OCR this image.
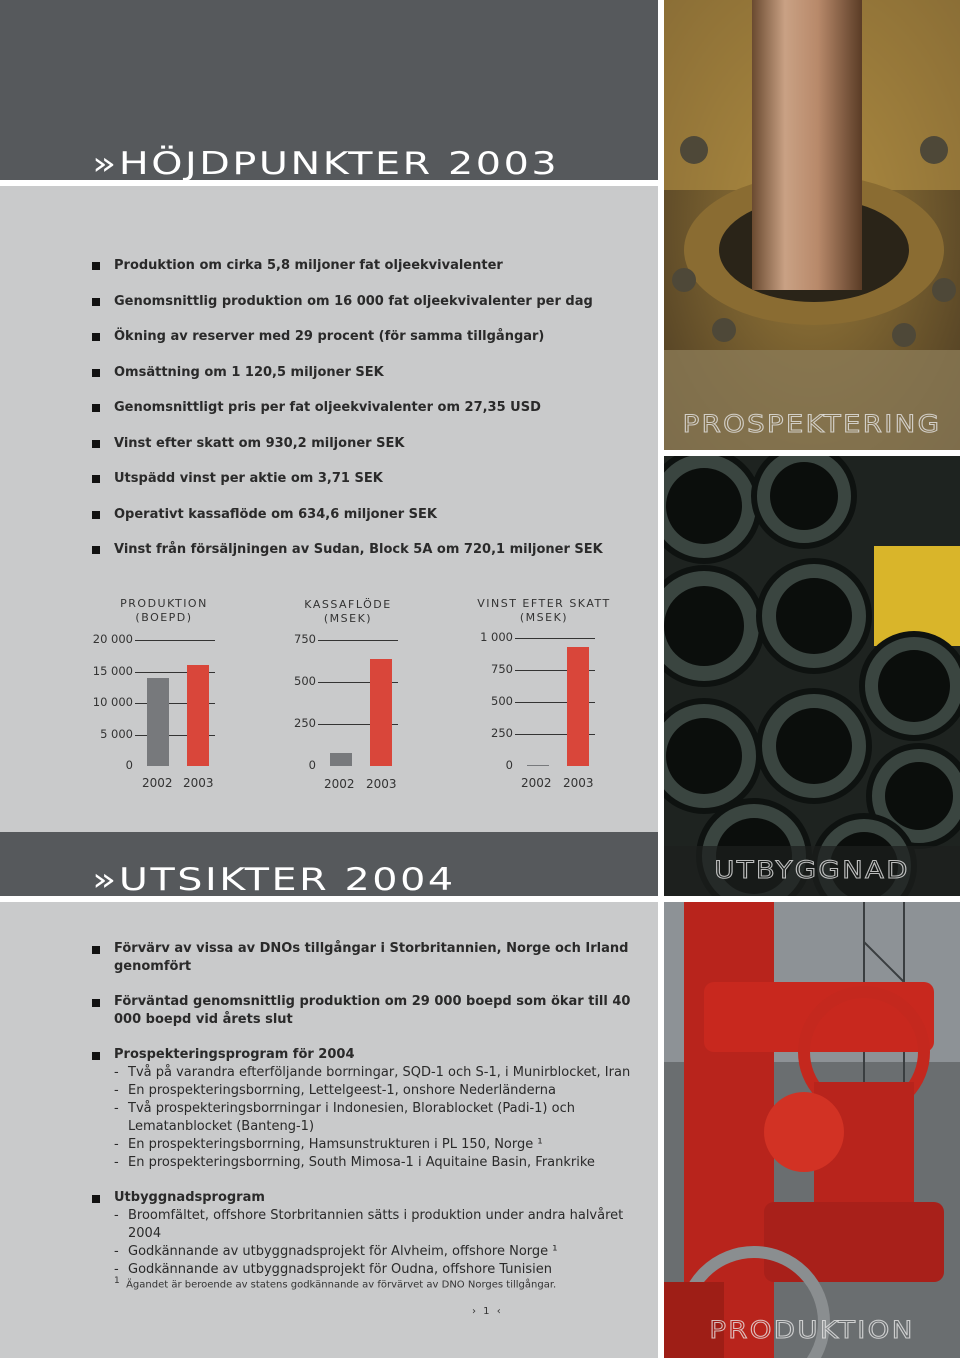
»HÖJDPUNKTER 2003
Produktion om cirka 5,8 miljoner fat oljeekvivalenter
Genomsnittlig produktion om 16 000 fat oljeekvivalenter per dag
Ökning av reserver med 29 procent (för samma tillgångar)
Omsättning om 1 120,5 miljoner SEK
Genomsnittligt pris per fat oljeekvivalenter om 27,35 USD
Vinst efter skatt om 930,2 miljoner SEK
Utspädd vinst per aktie om 3,71 SEK
Operativt kassaflöde om 634,6 miljoner SEK
Vinst från försäljningen av Sudan, Block 5A om 720,1 miljoner SEK
PRODUKTION
(BOEPD)
20 000
15 000
10 000
5 000
0
2002 2003
KASSAFLÖDE
(MSEK)
750
500
250
0
2002 2003
VINST EFTER SKATT
(MSEK)
1 000
750
500
250
0
2002 2003
»UTSIKTER 2004
Förvärv av vissa av DNOs tillgångar i Storbritannien, Norge och Irland genomfört
Förväntad genomsnittlig produktion om 29 000 boepd som ökar till 40 000 boepd vid årets slut
Prospekteringsprogram för 2004
- Två på varandra efterföljande borrningar, SQD-1 och S-1, i Munirblocket, Iran
- En prospekteringsborrning, Lettelgeest-1, onshore Nederländerna
- Två prospekteringsborrningar i Indonesien, Blorablocket (Padi-1) och Lematanblocket (Banteng-1)
- En prospekteringsborrning, Hamsunstrukturen i PL 150, Norge ¹
- En prospekteringsborrning, South Mimosa-1 i Aquitaine Basin, Frankrike
Utbyggnadsprogram
- Broomfältet, offshore Storbritannien sätts i produktion under andra halvåret 2004
- Godkännande av utbyggnadsprojekt för Alvheim, offshore Norge ¹
- Godkännande av utbyggnadsprojekt för Oudna, offshore Tunisien
$^1$ Ägandet är beroende av statens godkännande av förvärvet av DNO Norges tillgångar.
› 1 ‹
PROSPEKTERING
UTBYGGNAD
PRODUKTION
